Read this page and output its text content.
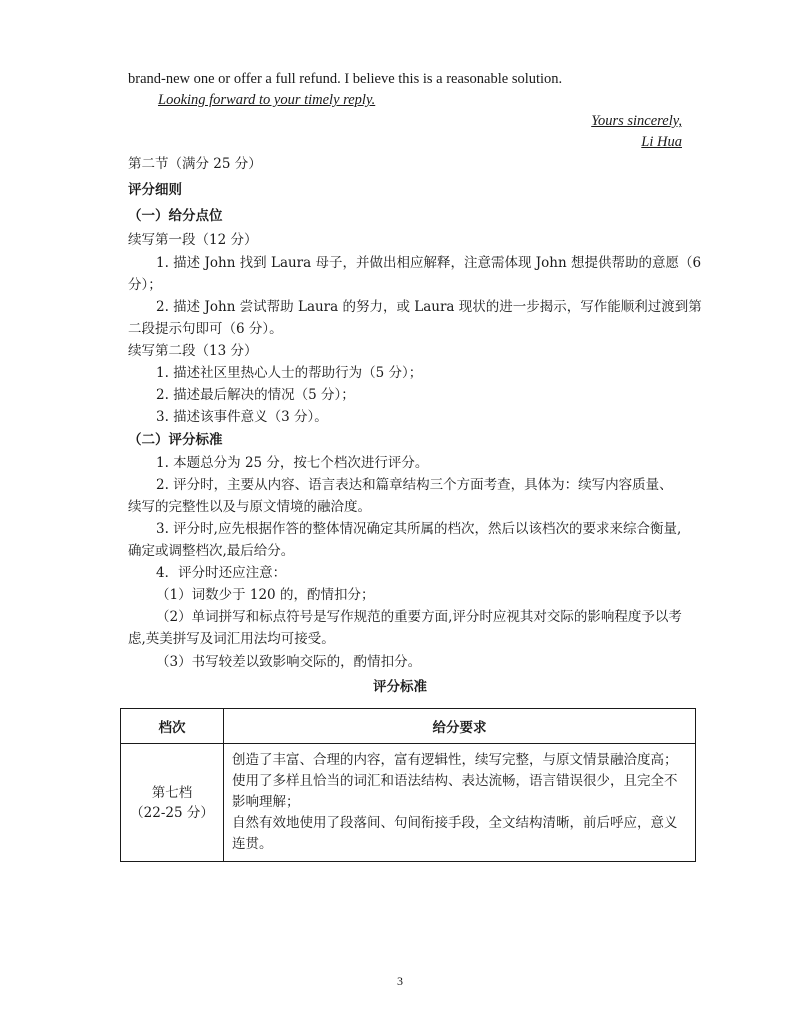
brand-new one or offer a full refund. I believe this is a reasonable solution.
Looking forward to your timely reply.
Yours sincerely,
Li Hua
第二节（满分 25 分）
评分细则
（一）给分点位
续写第一段（12 分）
1. 描述 John 找到 Laura 母子，并做出相应解释，注意需体现 John 想提供帮助的意愿（6
分）；
2. 描述 John 尝试帮助 Laura 的努力，或 Laura 现状的进一步揭示，写作能顺利过渡到第
二段提示句即可（6 分）。
续写第二段（13 分）
1. 描述社区里热心人士的帮助行为（5 分）；
2. 描述最后解决的情况（5 分）；
3. 描述该事件意义（3 分）。
（二）评分标准
1. 本题总分为 25 分，按七个档次进行评分。
2. 评分时，主要从内容、语言表达和篇章结构三个方面考查，具体为：续写内容质量、
续写的完整性以及与原文情境的融洽度。
3. 评分时,应先根据作答的整体情况确定其所属的档次，然后以该档次的要求来综合衡量,
确定或调整档次,最后给分。
4．评分时还应注意：
（1）词数少于 120 的，酌情扣分；
（2）单词拼写和标点符号是写作规范的重要方面,评分时应视其对交际的影响程度予以考
虑,英美拼写及词汇用法均可接受。
（3）书写较差以致影响交际的，酌情扣分。
评分标准
档次	给分要求
第七档
（22-25 分）	创造了丰富、合理的内容，富有逻辑性，续写完整，与原文情景融洽度高；
使用了多样且恰当的词汇和语法结构、表达流畅，语言错误很少，且完全不影响理解；
自然有效地使用了段落间、句间衔接手段，全文结构清晰，前后呼应，意义连贯。
3
